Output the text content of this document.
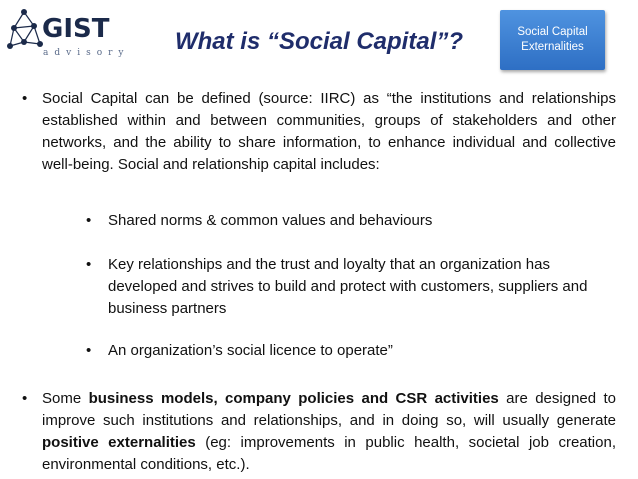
GIST
advisory	What is “Social Capital”?	Social Capital
Externalities
• Social Capital can be defined (source: IIRC) as “the institutions and relationships established within and between communities, groups of stakeholders and other networks, and the ability to share information, to enhance individual and collective well-being. Social and relationship capital includes:
• Shared norms & common values and behaviours
• Key relationships and the trust and loyalty that an organization has developed and strives to build and protect with customers, suppliers and business partners
• An organization’s social licence to operate”
• Some business models, company policies and CSR activities are designed to improve such institutions and relationships, and in doing so, will usually generate positive externalities (eg: improvements in public health, societal job creation, environmental conditions, etc.).
